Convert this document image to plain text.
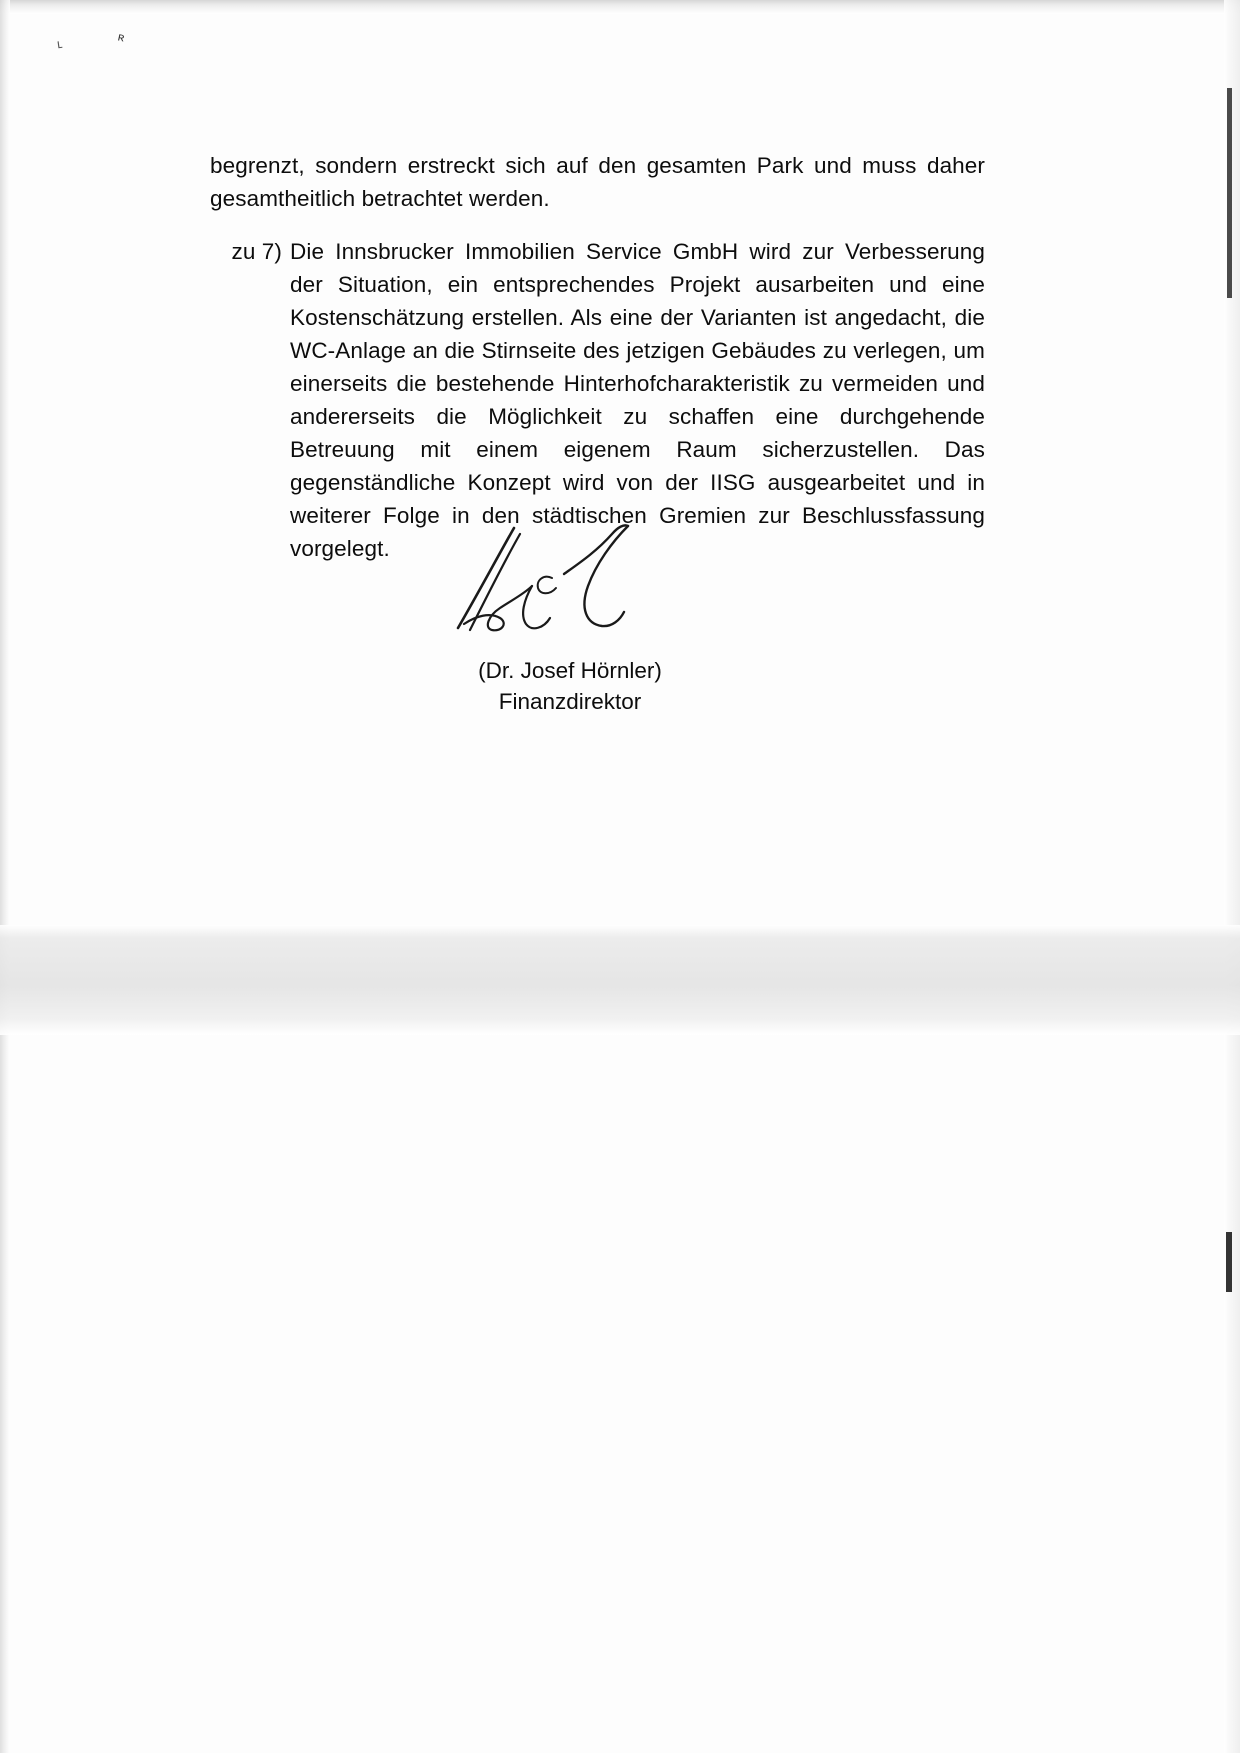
ʟ	ʀ

begrenzt, sondern erstreckt sich auf den gesamten Park und muss daher gesamtheitlich betrachtet werden.

zu 7) Die Innsbrucker Immobilien Service GmbH wird zur Verbesserung der Situation, ein entsprechendes Projekt ausarbeiten und eine Kostenschätzung erstellen. Als eine der Varianten ist angedacht, die WC-Anlage an die Stirnseite des jetzigen Gebäudes zu verlegen, um einerseits die bestehende Hinterhofcharakteristik zu vermeiden und andererseits die Möglichkeit zu schaffen eine durchgehende Betreuung mit einem eigenem Raum sicherzustellen. Das gegenständliche Konzept wird von der IISG ausgearbeitet und in weiterer Folge in den städtischen Gremien zur Beschlussfassung vorgelegt.

(Dr. Josef Hörnler)
Finanzdirektor
